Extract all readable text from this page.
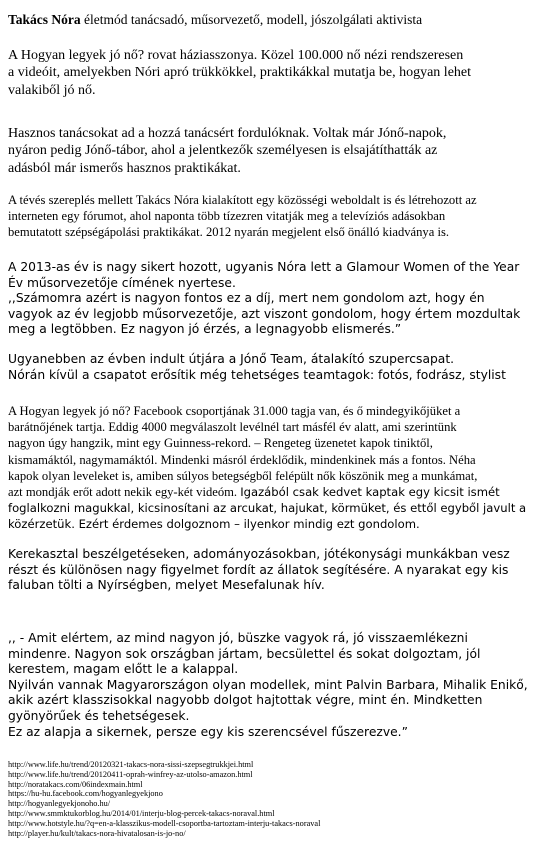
Takács Nóra életmód tanácsadó, műsorvezető, modell, jószolgálati aktivista
A Hogyan legyek jó nő? rovat háziasszonya. Közel 100.000 nő nézi rendszeresen
a videóit, amelyekben Nóri apró trükkökkel, praktikákkal mutatja be, hogyan lehet
valakiből jó nő.
Hasznos tanácsokat ad a hozzá tanácsért fordulóknak. Voltak már Jónő-napok,
nyáron pedig Jónő-tábor, ahol a jelentkezők személyesen is elsajátíthatták az
adásból már ismerős hasznos praktikákat.
A tévés szereplés mellett Takács Nóra kialakított egy közösségi weboldalt is és létrehozott az
interneten egy fórumot, ahol naponta több tízezren vitatják meg a televíziós adásokban
bemutatott szépségápolási praktikákat. 2012 nyarán megjelent első önálló kiadványa is.
A 2013-as év is nagy sikert hozott, ugyanis Nóra lett a Glamour Women of the Year
Év műsorvezetője címének nyertese.
,,Számomra azért is nagyon fontos ez a díj, mert nem gondolom azt, hogy én
vagyok az év legjobb műsorvezetője, azt viszont gondolom, hogy értem mozdultak
meg a legtöbben. Ez nagyon jó érzés, a legnagyobb elismerés.”
Ugyanebben az évben indult útjára a Jónő Team, átalakító szupercsapat.
Nórán kívül a csapatot erősítik még tehetséges teamtagok: fotós, fodrász, stylist
A Hogyan legyek jó nő? Facebook csoportjának 31.000 tagja van, és ő mindegyikőjüket a
barátnőjének tartja. Eddig 4000 megválaszolt levélnél tart másfél év alatt, ami szerintünk
nagyon úgy hangzik, mint egy Guinness-rekord. – Rengeteg üzenetet kapok tiniktől,
kismamáktól, nagymamáktól. Mindenki másról érdeklődik, mindenkinek más a fontos. Néha
kapok olyan leveleket is, amiben súlyos betegségből felépült nők köszönik meg a munkámat,
azt mondják erőt adott nekik egy-két videóm. Igazából csak kedvet kaptak egy kicsit ismét
foglalkozni magukkal, kicsinosítani az arcukat, hajukat, körmüket, és ettől egyből javult a
közérzetük. Ezért érdemes dolgoznom – ilyenkor mindig ezt gondolom.
Kerekasztal beszélgetéseken, adományozásokban, jótékonysági munkákban vesz
részt és különösen nagy figyelmet fordít az állatok segítésére. A nyarakat egy kis
faluban tölti a Nyírségben, melyet Mesefalunak hív.
,, - Amit elértem, az mind nagyon jó, büszke vagyok rá, jó visszaemlékezni
mindenre. Nagyon sok országban jártam, becsülettel és sokat dolgoztam, jól
kerestem, magam előtt le a kalappal.
Nyilván vannak Magyarországon olyan modellek, mint Palvin Barbara, Mihalik Enikő,
akik azért klasszisokkal nagyobb dolgot hajtottak végre, mint én. Mindketten
gyönyörűek és tehetségesek.
Ez az alapja a sikernek, persze egy kis szerencsével fűszerezve.”
http://www.life.hu/trend/20120321-takacs-nora-sissi-szepsegtrukkjei.html
http://www.life.hu/trend/20120411-oprah-winfrey-az-utolso-amazon.html
http://noratakacs.com/06indexmain.html
https://hu-hu.facebook.com/hogyanlegyekjono
http://hogyanlegyekjonoho.hu/
http://www.smmktukorblog.hu/2014/01/interju-blog-percek-takacs-noraval.html
http://www.hotstyle.hu/?q=en-a-klasszikus-modell-csoportba-tartoztam-interju-takacs-noraval
http://player.hu/kult/takacs-nora-hivatalosan-is-jo-no/
